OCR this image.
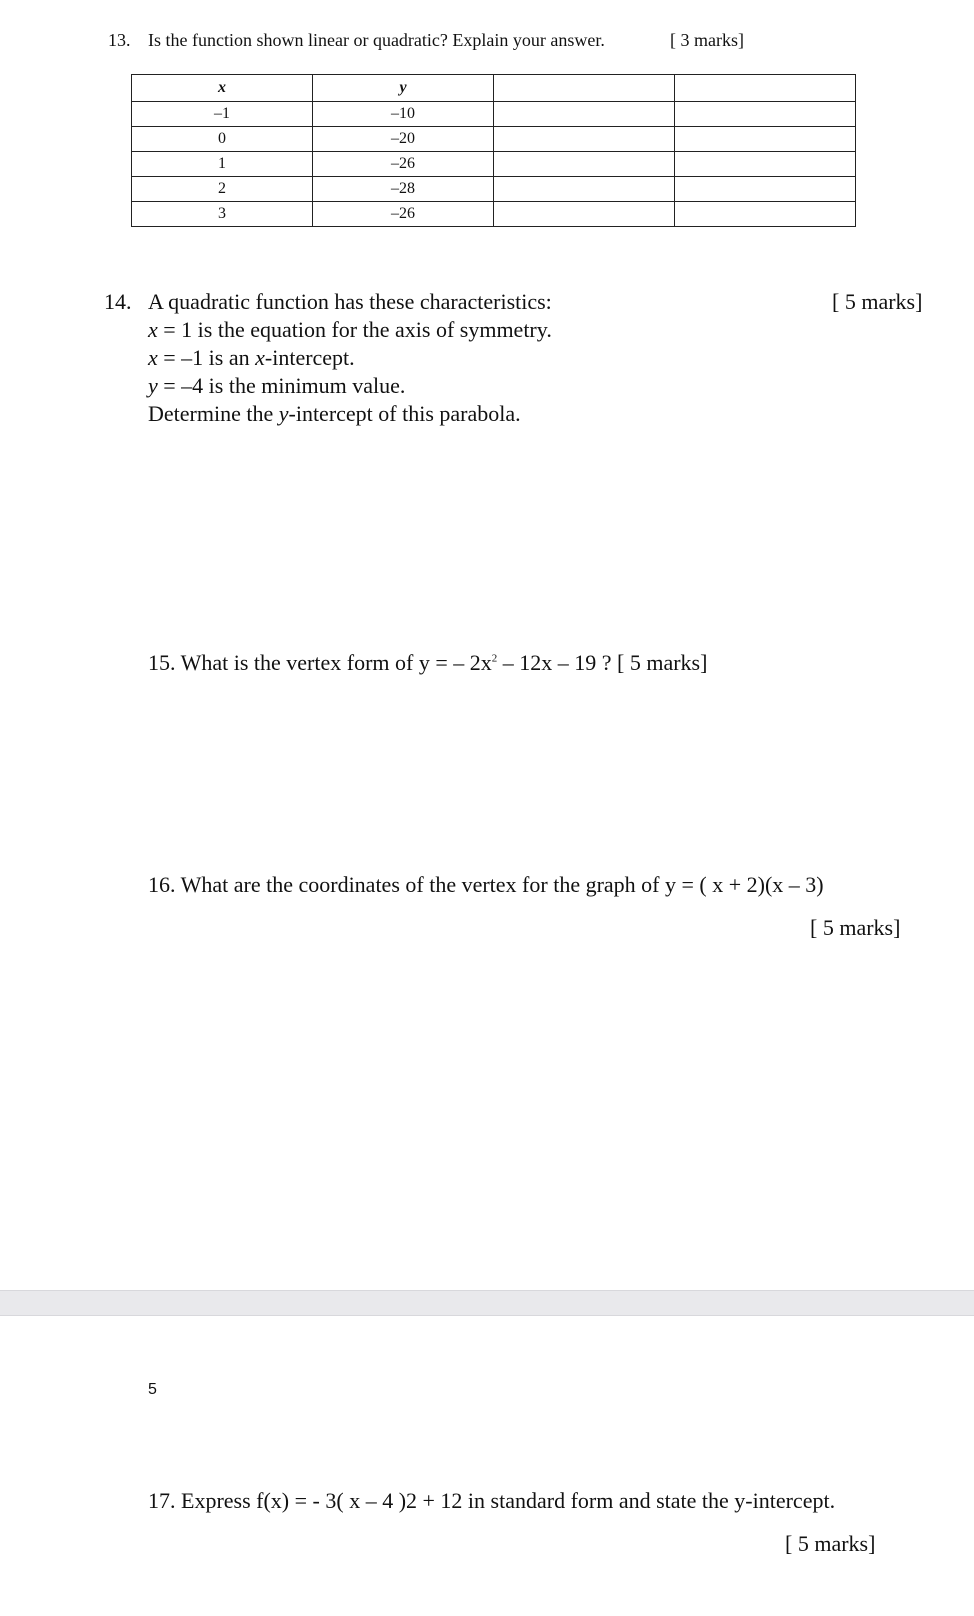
13. Is the function shown linear or quadratic? Explain your answer.	[ 3 marks]
x	y		
–1	–10		
0	–20		
1	–26		
2	–28		
3	–26		
14.	[ 5 marks]
A quadratic function has these characteristics:
x = 1 is the equation for the axis of symmetry.
x = –1 is an x-intercept.
y = –4 is the minimum value.
Determine the y-intercept of this parabola.
15. What is the vertex form of y = – $2x^2 - 12x - 19$ ? [ 5 marks]
16. What are the coordinates of the vertex for the graph of y = ( x + 2)(x – 3)
[ 5 marks]
5
17. Express f(x) = - 3( x – 4 )2 + 12 in standard form and state the y-intercept.
[ 5 marks]
